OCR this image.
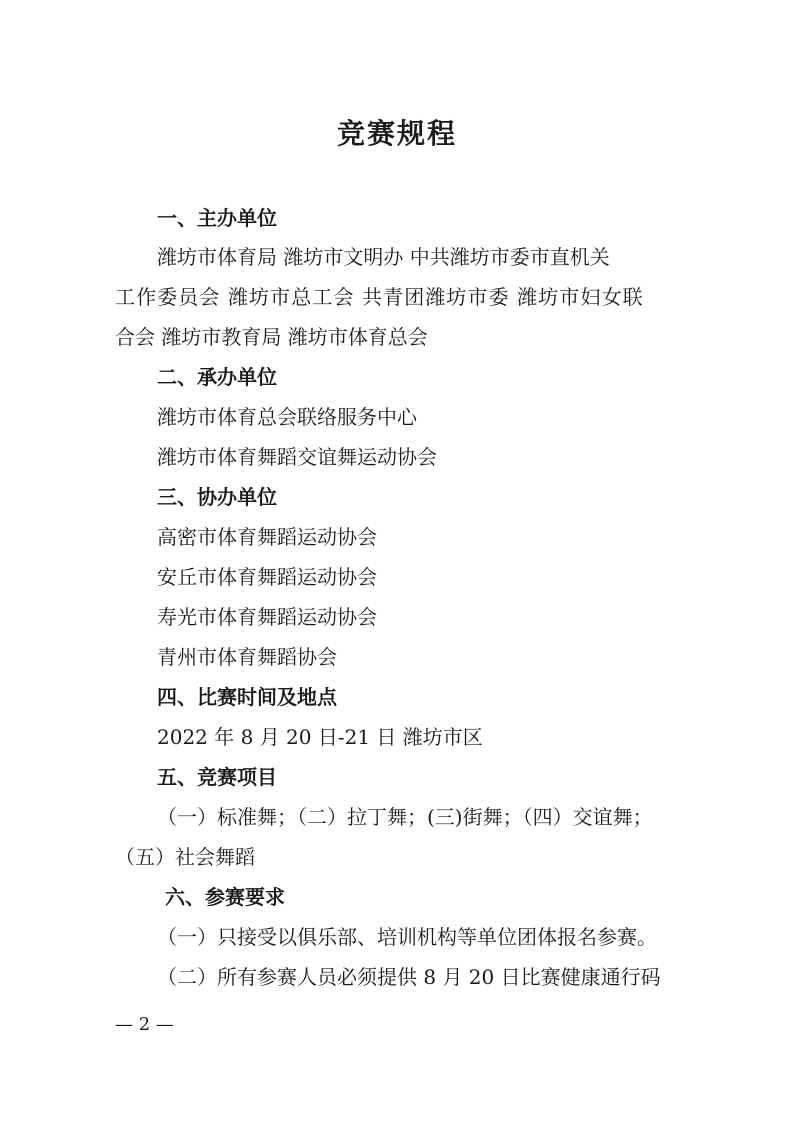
竞赛规程
一、主办单位
潍坊市体育局 潍坊市文明办 中共潍坊市委市直机关
工作委员会 潍坊市总工会 共青团潍坊市委 潍坊市妇女联
合会 潍坊市教育局 潍坊市体育总会
二、承办单位
潍坊市体育总会联络服务中心
潍坊市体育舞蹈交谊舞运动协会
三、协办单位
高密市体育舞蹈运动协会
安丘市体育舞蹈运动协会
寿光市体育舞蹈运动协会
青州市体育舞蹈协会
四、比赛时间及地点
2022 年 8 月 20 日-21 日 潍坊市区
五、竞赛项目
（一）标准舞；（二）拉丁舞；(三)街舞；（四）交谊舞；
（五）社会舞蹈
六、参赛要求
（一）只接受以俱乐部、培训机构等单位团体报名参赛。
（二）所有参赛人员必须提供 8 月 20 日比赛健康通行码
— 2 —
